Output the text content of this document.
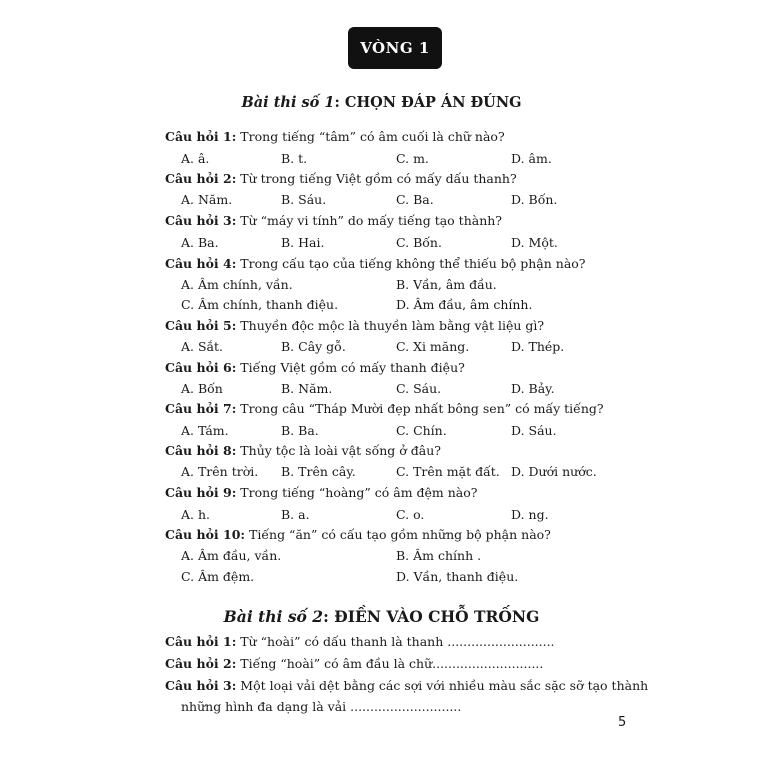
VÒNG 1
Bài thi số 1: CHỌN ĐÁP ÁN ĐÚNG
Câu hỏi 1: Trong tiếng “tâm” có âm cuối là chữ nào?
A. â.	B. t.	C. m.	D. âm.
Câu hỏi 2: Từ trong tiếng Việt gồm có mấy dấu thanh?
A. Năm.	B. Sáu.	C. Ba.	D. Bốn.
Câu hỏi 3: Từ “máy vi tính” do mấy tiếng tạo thành?
A. Ba.	B. Hai.	C. Bốn.	D. Một.
Câu hỏi 4: Trong cấu tạo của tiếng không thể thiếu bộ phận nào?
A. Âm chính, vần.	B. Vần, âm đầu.
C. Âm chính, thanh điệu.	D. Âm đầu, âm chính.
Câu hỏi 5: Thuyền độc mộc là thuyền làm bằng vật liệu gì?
A. Sắt.	B. Cây gỗ.	C. Xi măng.	D. Thép.
Câu hỏi 6: Tiếng Việt gồm có mấy thanh điệu?
A. Bốn	B. Năm.	C. Sáu.	D. Bảy.
Câu hỏi 7: Trong câu “Tháp Mười đẹp nhất bông sen” có mấy tiếng?
A. Tám.	B. Ba.	C. Chín.	D. Sáu.
Câu hỏi 8: Thủy tộc là loài vật sống ở đâu?
A. Trên trời. B. Trên cây.	C. Trên mặt đất. D. Dưới nước.
Câu hỏi 9: Trong tiếng “hoàng” có âm đệm nào?
A. h.	B. a.	C. o.	D. ng.
Câu hỏi 10: Tiếng “ăn” có cấu tạo gồm những bộ phận nào?
A. Âm đầu, vần.	B. Âm chính .
C. Âm đệm.	D. Vần, thanh điệu.
Bài thi số 2: ĐIỀN VÀO CHỖ TRỐNG
Câu hỏi 1: Từ “hoài” có dấu thanh là thanh ...........................
Câu hỏi 2: Tiếng “hoài” có âm đầu là chữ............................
Câu hỏi 3: Một loại vải dệt bằng các sợi với nhiều màu sắc sặc sỡ tạo thành
những hình đa dạng là vải ............................
5
